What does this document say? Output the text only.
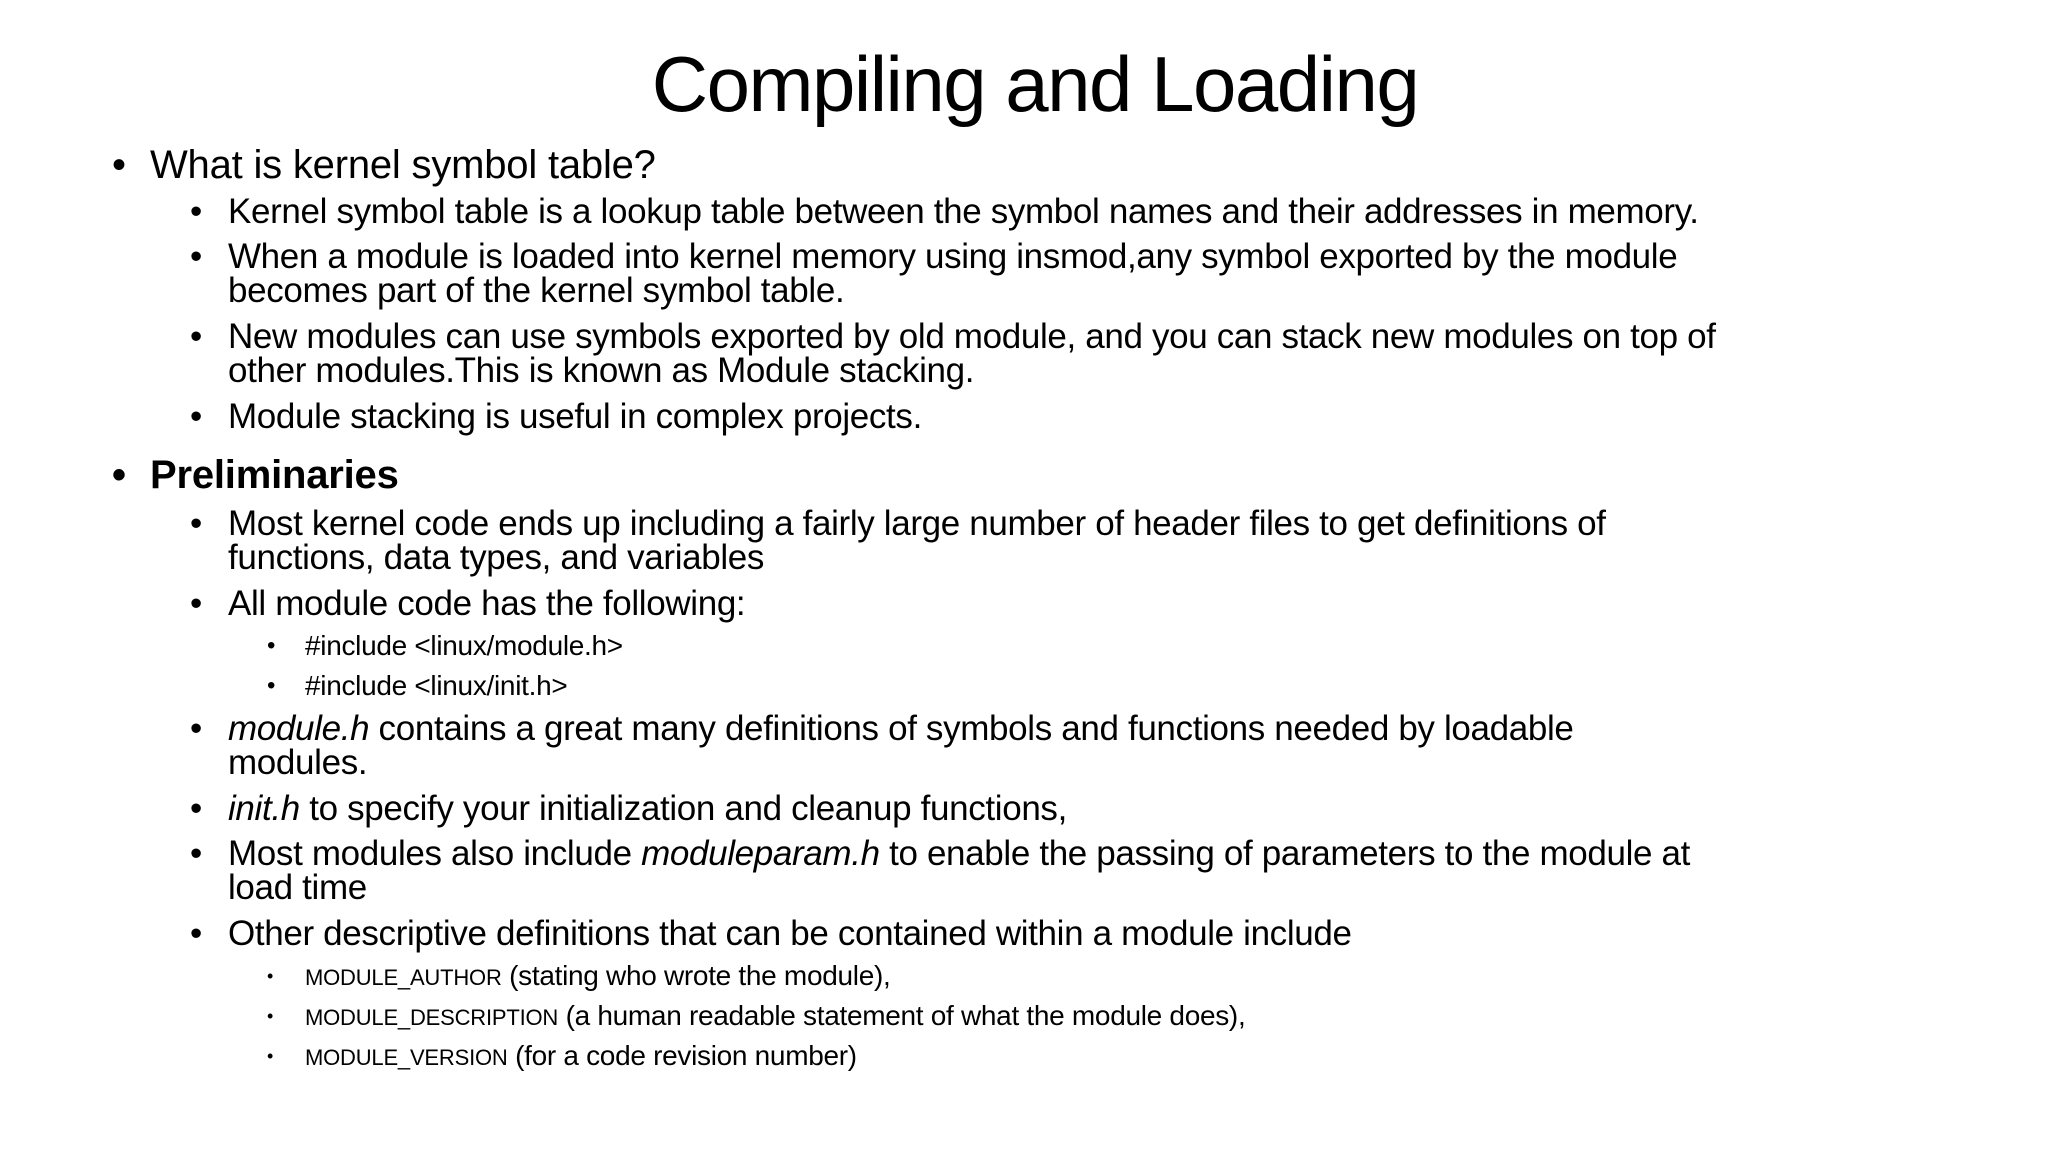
Compiling and Loading
• What is kernel symbol table?
• Kernel symbol table is a lookup table between the symbol names and their addresses in memory.
• When a module is loaded into kernel memory using insmod,any symbol exported by the module
becomes part of the kernel symbol table.
• New modules can use symbols exported by old module, and you can stack new modules on top of
other modules.This is known as Module stacking.
• Module stacking is useful in complex projects.
• Preliminaries
• Most kernel code ends up including a fairly large number of header files to get definitions of
functions, data types, and variables
• All module code has the following:
• #include <linux/module.h>
• #include <linux/init.h>
• module.h contains a great many definitions of symbols and functions needed by loadable
modules.
• init.h to specify your initialization and cleanup functions,
• Most modules also include moduleparam.h to enable the passing of parameters to the module at
load time
• Other descriptive definitions that can be contained within a module include
• MODULE_AUTHOR (stating who wrote the module),
• MODULE_DESCRIPTION (a human readable statement of what the module does),
• MODULE_VERSION (for a code revision number)
